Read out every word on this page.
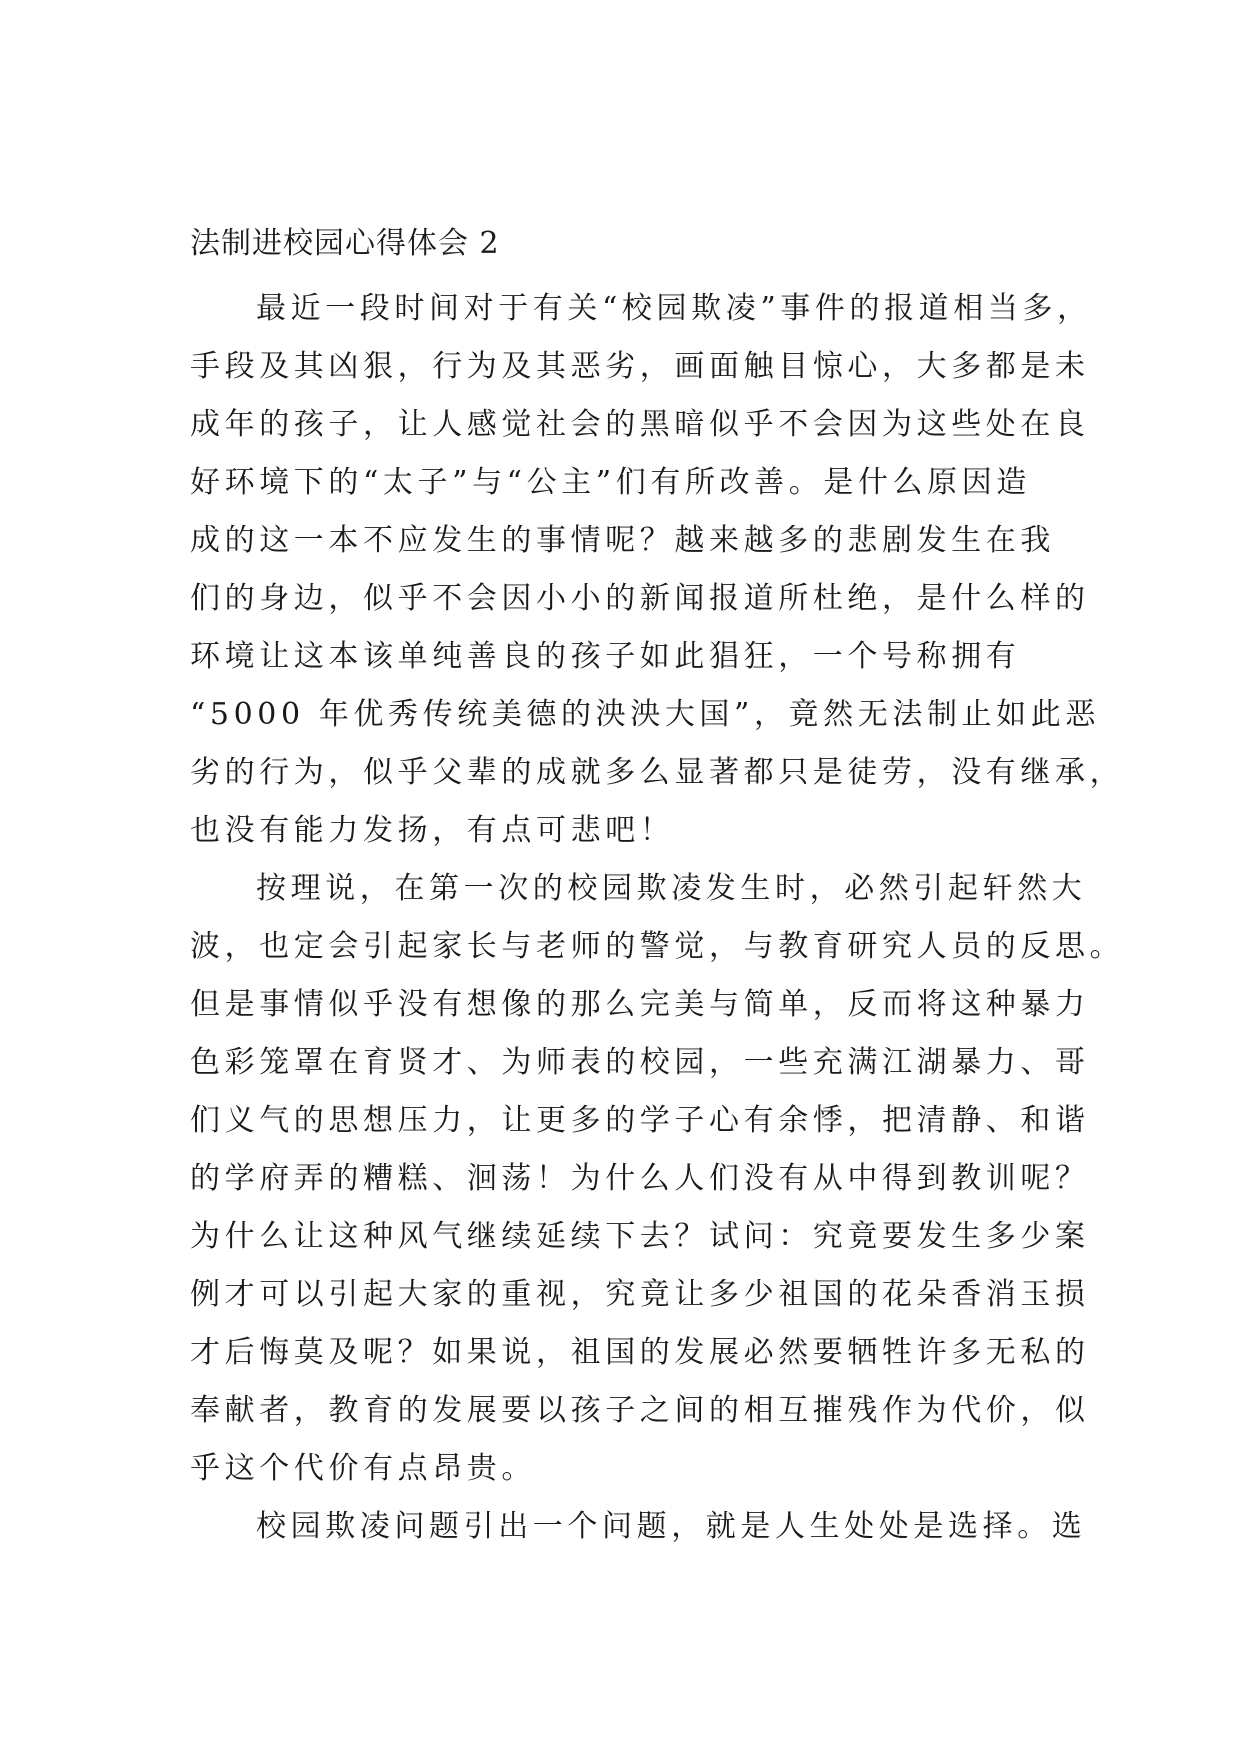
法制进校园心得体会 2

最近一段时间对于有关“校园欺凌”事件的报道相当多，
手段及其凶狠，行为及其恶劣，画面触目惊心，大多都是未
成年的孩子，让人感觉社会的黑暗似乎不会因为这些处在良
好环境下的“太子”与“公主”们有所改善。是什么原因造
成的这一本不应发生的事情呢？越来越多的悲剧发生在我
们的身边，似乎不会因小小的新闻报道所杜绝，是什么样的
环境让这本该单纯善良的孩子如此猖狂，一个号称拥有
“5000 年优秀传统美德的泱泱大国”，竟然无法制止如此恶
劣的行为，似乎父辈的成就多么显著都只是徒劳，没有继承，
也没有能力发扬，有点可悲吧！

按理说，在第一次的校园欺凌发生时，必然引起轩然大
波，也定会引起家长与老师的警觉，与教育研究人员的反思。
但是事情似乎没有想像的那么完美与简单，反而将这种暴力
色彩笼罩在育贤才、为师表的校园，一些充满江湖暴力、哥
们义气的思想压力，让更多的学子心有余悸，把清静、和谐
的学府弄的糟糕、洄荡！为什么人们没有从中得到教训呢？
为什么让这种风气继续延续下去？试问：究竟要发生多少案
例才可以引起大家的重视，究竟让多少祖国的花朵香消玉损
才后悔莫及呢？如果说，祖国的发展必然要牺牲许多无私的
奉献者，教育的发展要以孩子之间的相互摧残作为代价，似
乎这个代价有点昂贵。

校园欺凌问题引出一个问题，就是人生处处是选择。选
